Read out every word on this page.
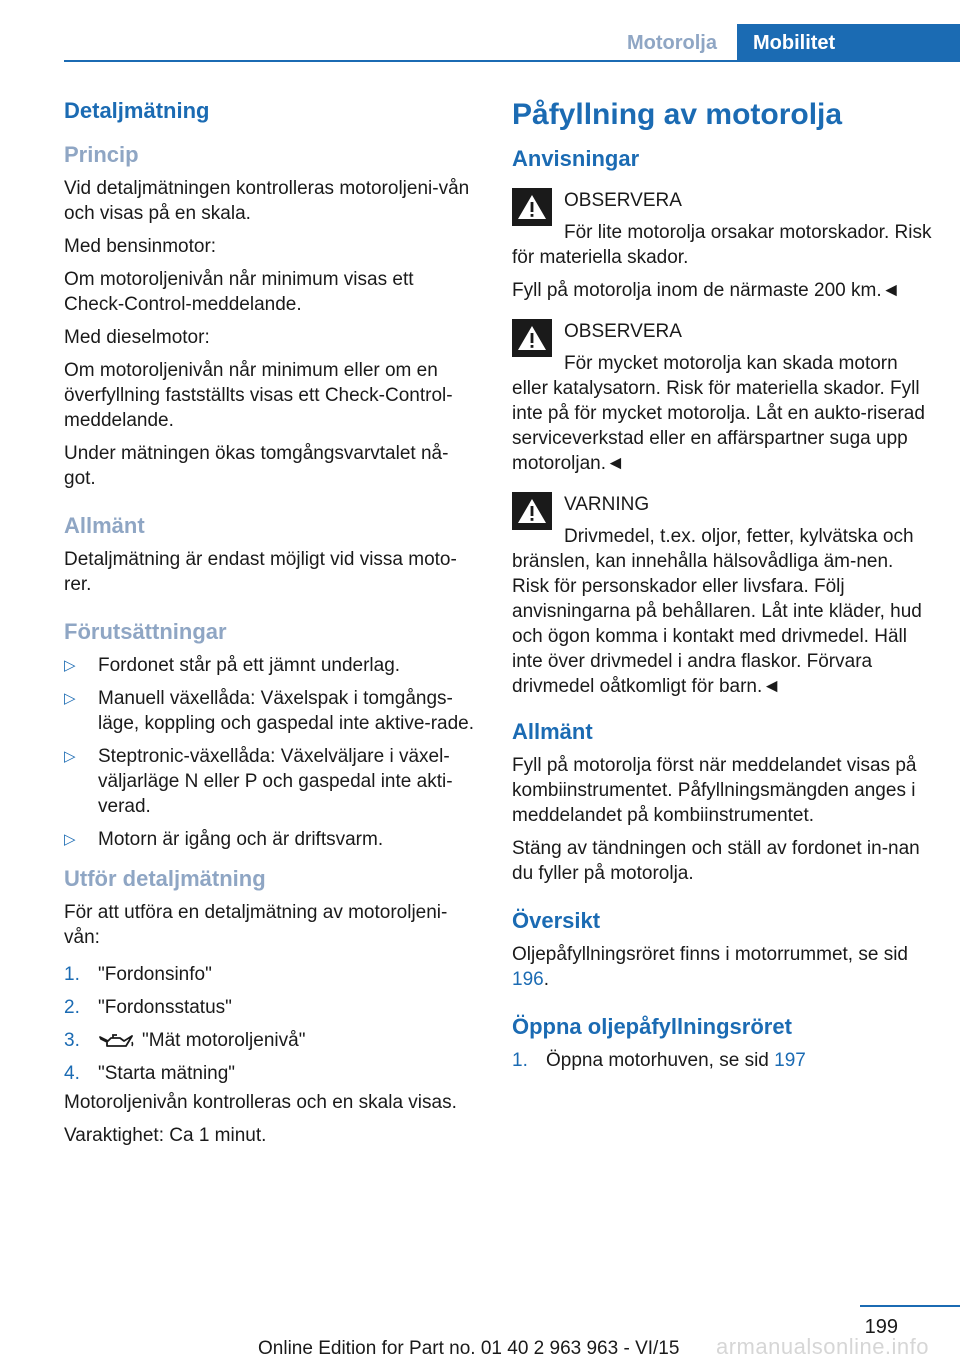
Motorolja	Mobilitet
Detaljmätning
Princip

Vid detaljmätningen kontrolleras motoroljeni‐vån och visas på en skala.

Med bensinmotor:

Om motoroljenivån når minimum visas ett Check-Control-meddelande.

Med dieselmotor:

Om motoroljenivån når minimum eller om en överfyllning fastställts visas ett Check-Control-meddelande.

Under mätningen ökas tomgångsvarvtalet nå‐got.

Allmänt

Detaljmätning är endast möjligt vid vissa moto‐rer.

Förutsättningar
▷ Fordonet står på ett jämnt underlag.
▷ Manuell växellåda: Växelspak i tomgångs‐läge, koppling och gaspedal inte aktive‐rade.
▷ Steptronic-växellåda: Växelväljare i växel‐väljarläge N eller P och gaspedal inte akti‐verad.
▷ Motorn är igång och är driftsvarm.
Utför detaljmätning

För att utföra en detaljmätning av motoroljeni‐vån:

1. "Fordonsinfo"
2. "Fordonsstatus"
3.	"Mät motoroljenivå"
4. "Starta mätning"

Motoroljenivån kontrolleras och en skala visas.

Varaktighet: Ca 1 minut.

Påfyllning av motorolja
Anvisningar
OBSERVERA
För lite motorolja orsakar motorskador. Risk för materiella skador.
Fyll på motorolja inom de närmaste 200 km.◄
OBSERVERA
För mycket motorolja kan skada motorn eller katalysatorn. Risk för materiella skador. Fyll inte på för mycket motorolja. Låt en aukto‐riserad serviceverkstad eller en affärspartner suga upp motoroljan.◄
VARNING
Drivmedel, t.ex. oljor, fetter, kylvätska och bränslen, kan innehålla hälsovådliga äm‐nen. Risk för personskador eller livsfara. Följ anvisningarna på behållaren. Låt inte kläder, hud och ögon komma i kontakt med drivmedel. Häll inte över drivmedel i andra flaskor. Förvara drivmedel oåtkomligt för barn.◄
Allmänt

Fyll på motorolja först när meddelandet visas på kombiinstrumentet. Påfyllningsmängden anges i meddelandet på kombiinstrumentet.

Stäng av tändningen och ställ av fordonet in‐nan du fyller på motorolja.

Översikt

Oljepåfyllningsröret finns i motorrummet, se sid 196.

Öppna oljepåfyllningsröret
1. Öppna motorhuven, se sid 197
199
Online Edition for Part no. 01 40 2 963 963 - VI/15 armanualsonline.info
